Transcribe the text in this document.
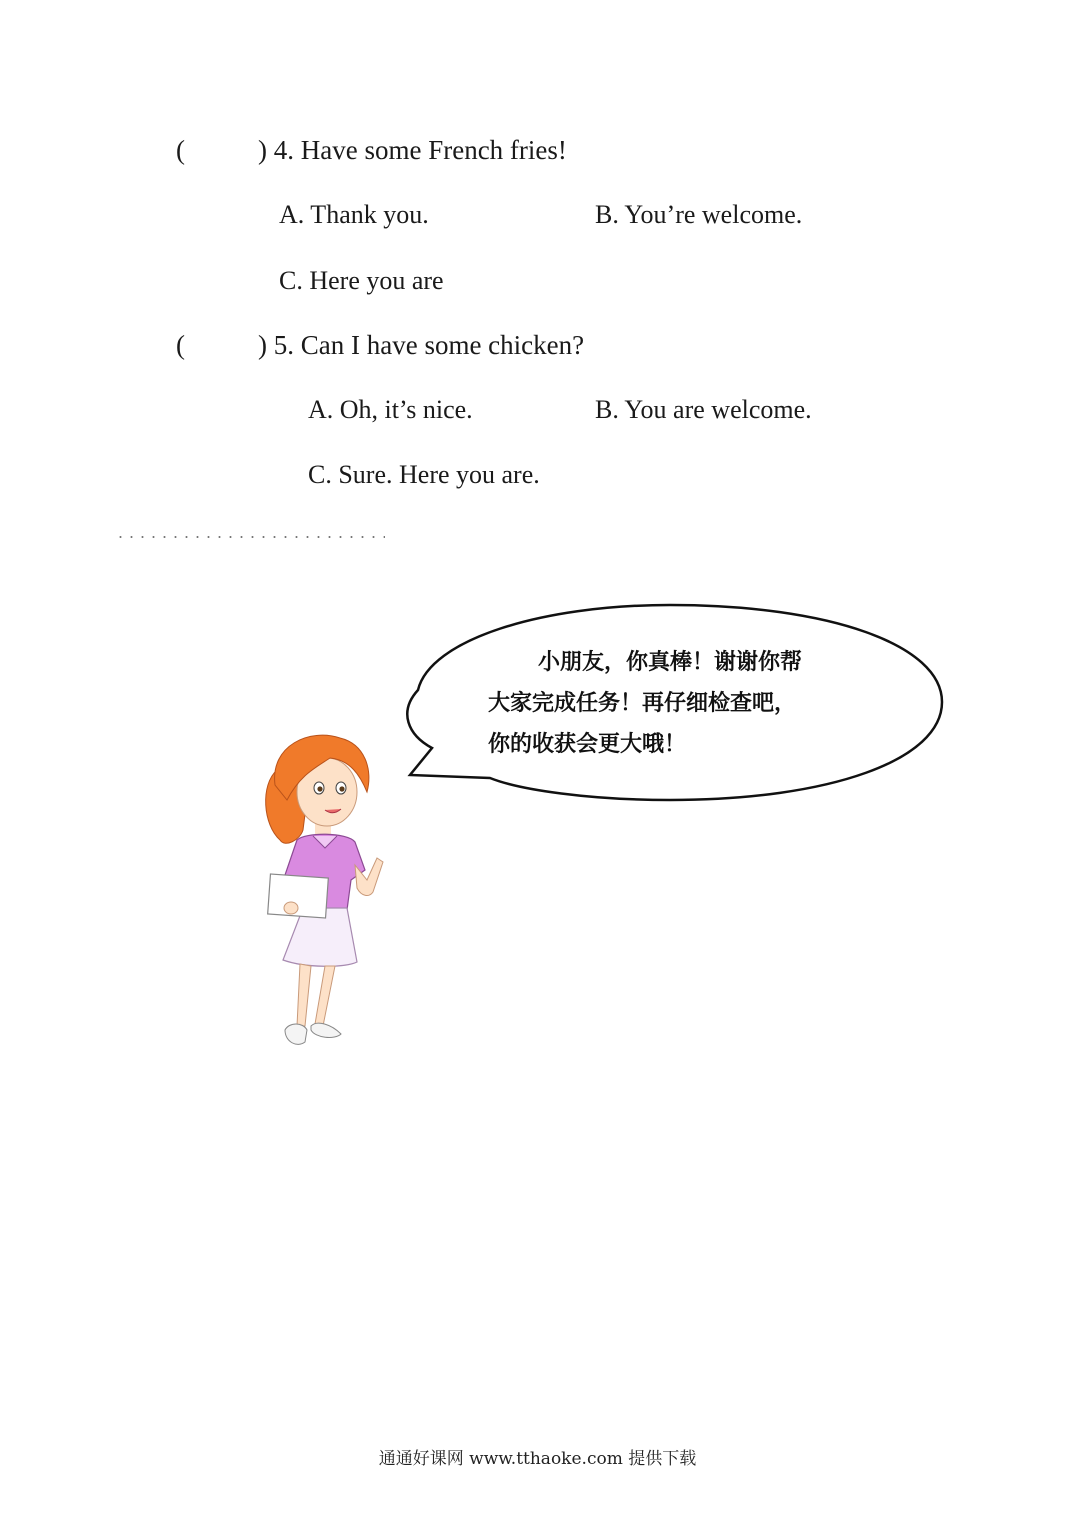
(	) 4. Have some French fries!
A. Thank you.	B. You’re welcome.
C. Here you are
(	) 5. Can I have some chicken?
A. Oh, it’s nice.	B. You are welcome.
C. Sure. Here you are.
小朋友，你真棒！谢谢你帮
大家完成任务！再仔细检查吧，
你的收获会更大哦！
通通好课网 www.tthaoke.com 提供下载
